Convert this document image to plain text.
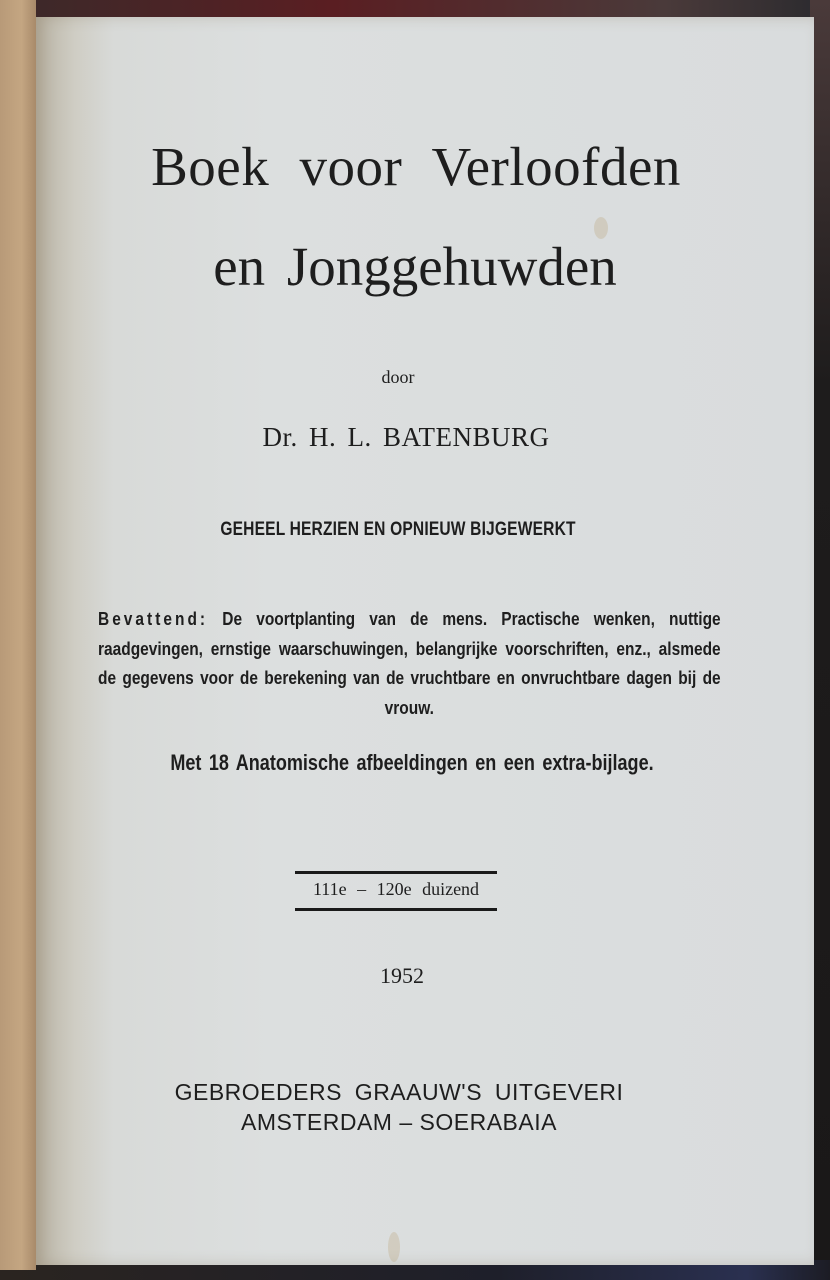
Boek voor Verloofden
en Jonggehuwden
door
Dr. H. L. BATENBURG
GEHEEL HERZIEN EN OPNIEUW BIJGEWERKT
Bevattend: De voortplanting van de mens. Practische wenken, nuttige raadgevingen, ernstige waarschuwingen, belangrijke voorschriften, enz., alsmede de gegevens voor de berekening van de vruchtbare en onvruchtbare dagen bij de vrouw.
Met 18 Anatomische afbeeldingen en een extra-bijlage.
111e – 120e duizend
1952
GEBROEDERS GRAAUW'S UITGEVERI
AMSTERDAM – SOERABAIA
